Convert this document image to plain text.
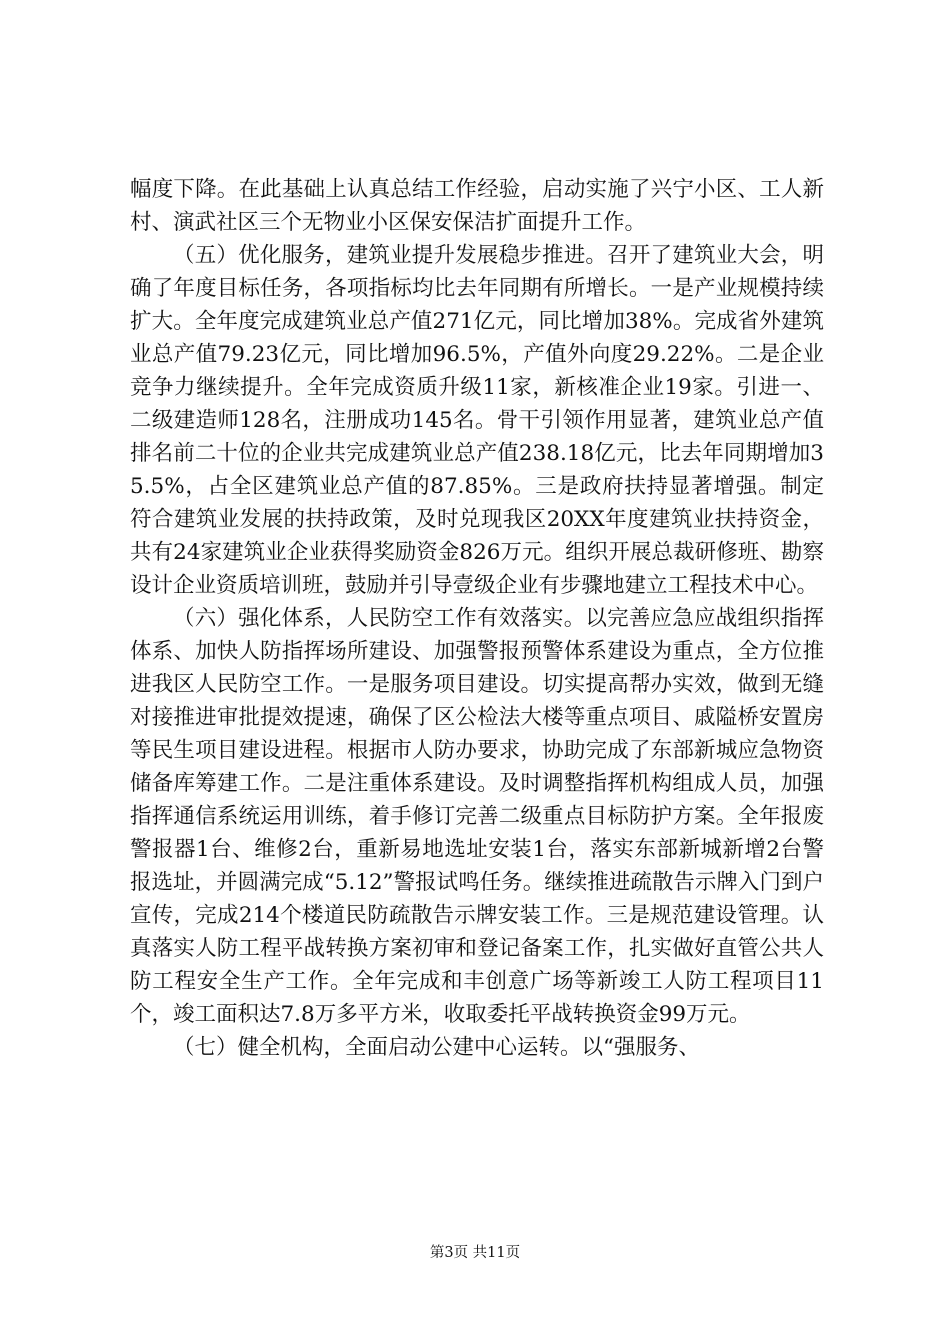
幅度下降。在此基础上认真总结工作经验，启动实施了兴宁小区、工人新村、演武社区三个无物业小区保安保洁扩面提升工作。

（五）优化服务，建筑业提升发展稳步推进。召开了建筑业大会，明确了年度目标任务，各项指标均比去年同期有所增长。一是产业规模持续扩大。全年度完成建筑业总产值271亿元，同比增加38%。完成省外建筑业总产值79.23亿元，同比增加96.5%，产值外向度29.22%。二是企业竞争力继续提升。全年完成资质升级11家，新核准企业19家。引进一、二级建造师128名，注册成功145名。骨干引领作用显著，建筑业总产值排名前二十位的企业共完成建筑业总产值238.18亿元，比去年同期增加35.5%，占全区建筑业总产值的87.85%。三是政府扶持显著增强。制定符合建筑业发展的扶持政策，及时兑现我区20XX年度建筑业扶持资金，共有24家建筑业企业获得奖励资金826万元。组织开展总裁研修班、勘察设计企业资质培训班，鼓励并引导壹级企业有步骤地建立工程技术中心。

（六）强化体系，人民防空工作有效落实。以完善应急应战组织指挥体系、加快人防指挥场所建设、加强警报预警体系建设为重点，全方位推进我区人民防空工作。一是服务项目建设。切实提高帮办实效，做到无缝对接推进审批提效提速，确保了区公检法大楼等重点项目、戚隘桥安置房等民生项目建设进程。根据市人防办要求，协助完成了东部新城应急物资储备库筹建工作。二是注重体系建设。及时调整指挥机构组成人员，加强指挥通信系统运用训练，着手修订完善二级重点目标防护方案。全年报废警报器1台、维修2台，重新易地选址安装1台，落实东部新城新增2台警报选址，并圆满完成“5.12”警报试鸣任务。继续推进疏散告示牌入门到户宣传，完成214个楼道民防疏散告示牌安装工作。三是规范建设管理。认真落实人防工程平战转换方案初审和登记备案工作，扎实做好直管公共人防工程安全生产工作。全年完成和丰创意广场等新竣工人防工程项目11个，竣工面积达7.8万多平方米，收取委托平战转换资金99万元。

（七）健全机构，全面启动公建中心运转。以“强服务、

第3页 共11页
